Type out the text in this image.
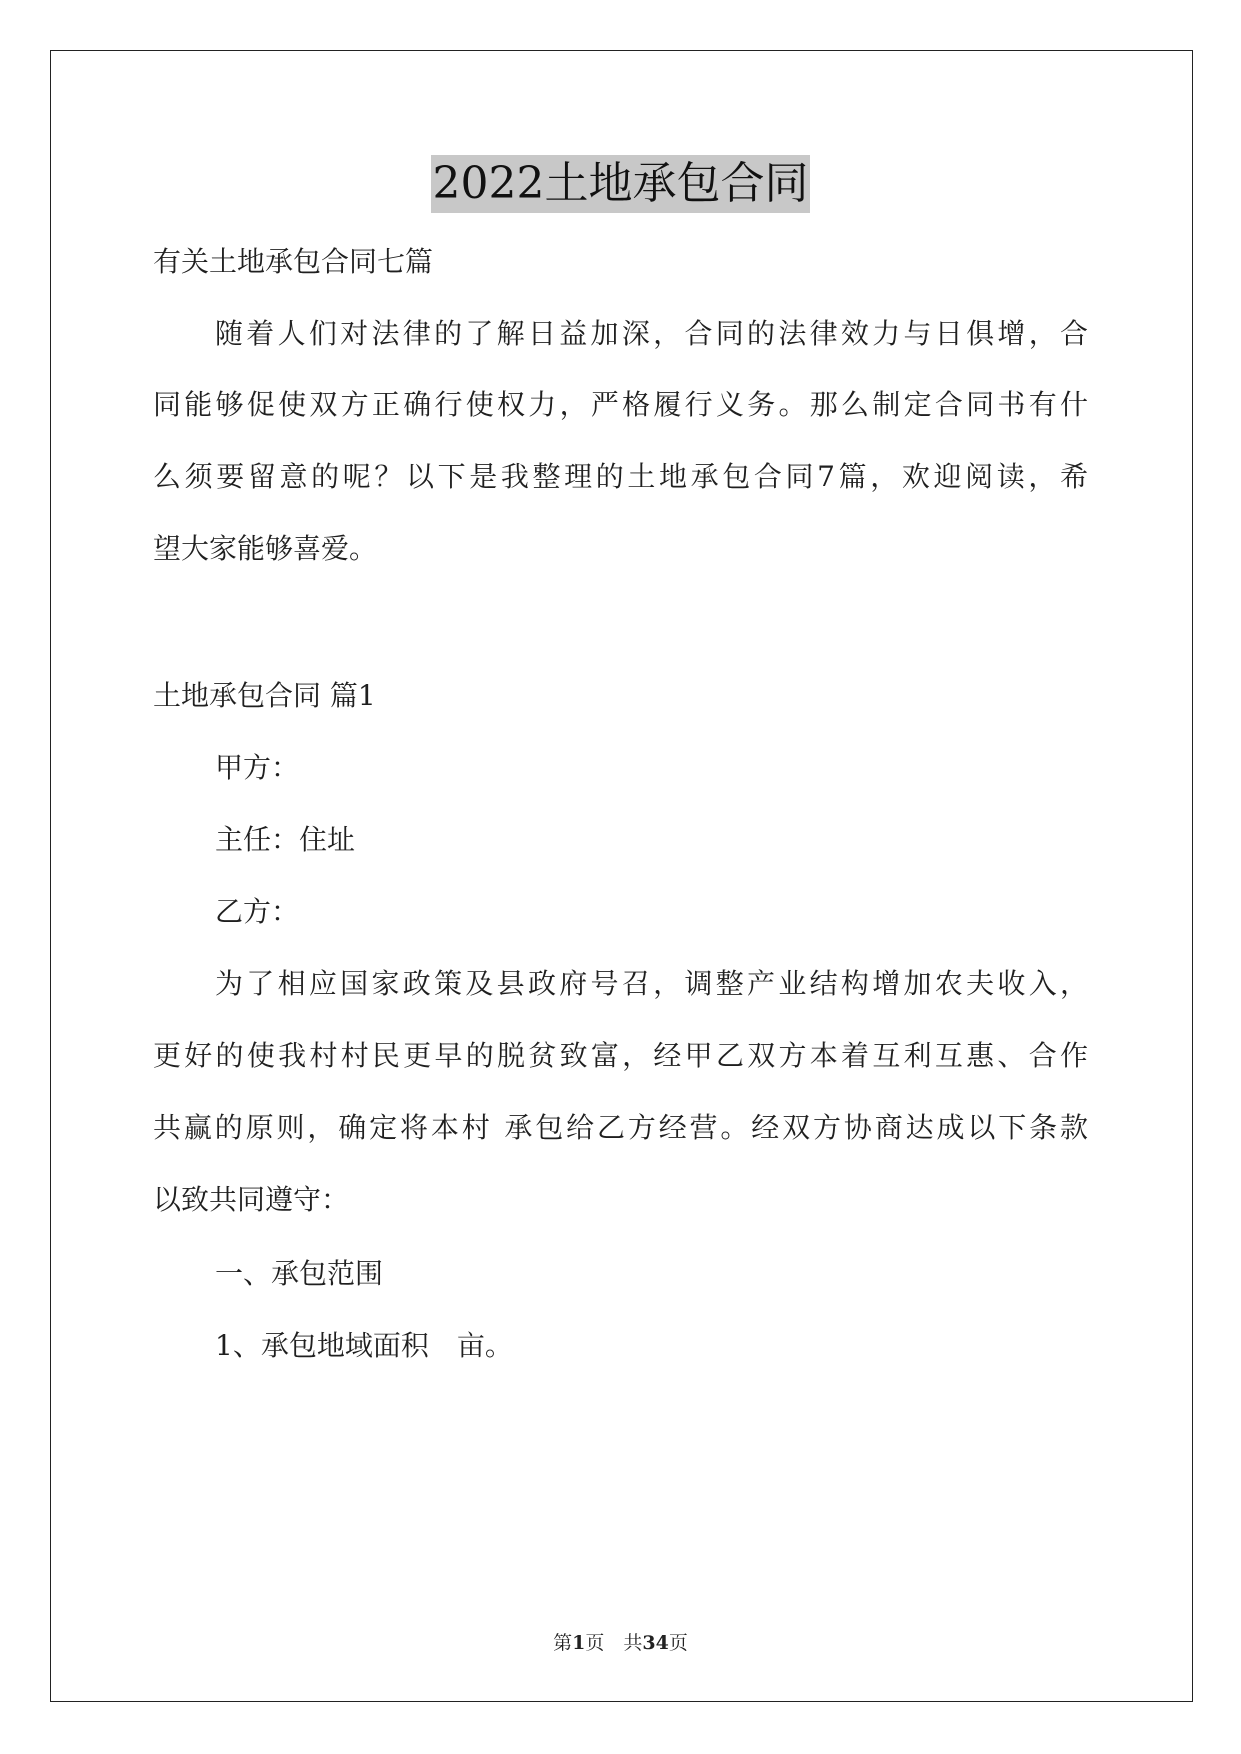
2022土地承包合同
有关土地承包合同七篇
随着人们对法律的了解日益加深，合同的法律效力与日俱增，合
同能够促使双方正确行使权力，严格履行义务。那么制定合同书有什
么须要留意的呢？以下是我整理的土地承包合同7篇，欢迎阅读，希
望大家能够喜爱。
土地承包合同 篇1
甲方：
主任：住址
乙方：
为了相应国家政策及县政府号召，调整产业结构增加农夫收入，
更好的使我村村民更早的脱贫致富，经甲乙双方本着互利互惠、合作
共赢的原则，确定将本村 承包给乙方经营。经双方协商达成以下条款
以致共同遵守：
一、承包范围
1、承包地域面积　亩。
第1页　共34页
